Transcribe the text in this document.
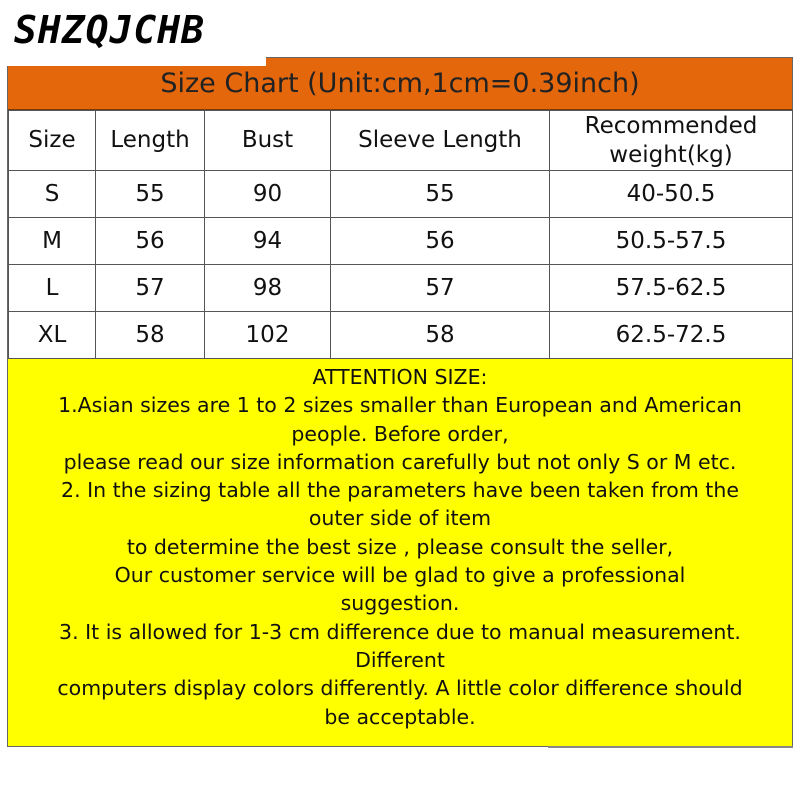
SHZQJCHB
Size Chart (Unit:cm,1cm=0.39inch)
Size	Length	Bust	Sleeve Length	Recommended weight(kg)
S	55	90	55	40-50.5
M	56	94	56	50.5-57.5
L	57	98	57	57.5-62.5
XL	58	102	58	62.5-72.5
ATTENTION SIZE:
1.Asian sizes are 1 to 2 sizes smaller than European and American
people. Before order,
please read our size information carefully but not only S or M etc.
2. In the sizing table all the parameters have been taken from the
outer side of item
to determine the best size , please consult the seller,
Our customer service will be glad to give a professional
suggestion.
3. It is allowed for 1-3 cm difference due to manual measurement.
Different
computers display colors differently. A little color difference should
be acceptable.
